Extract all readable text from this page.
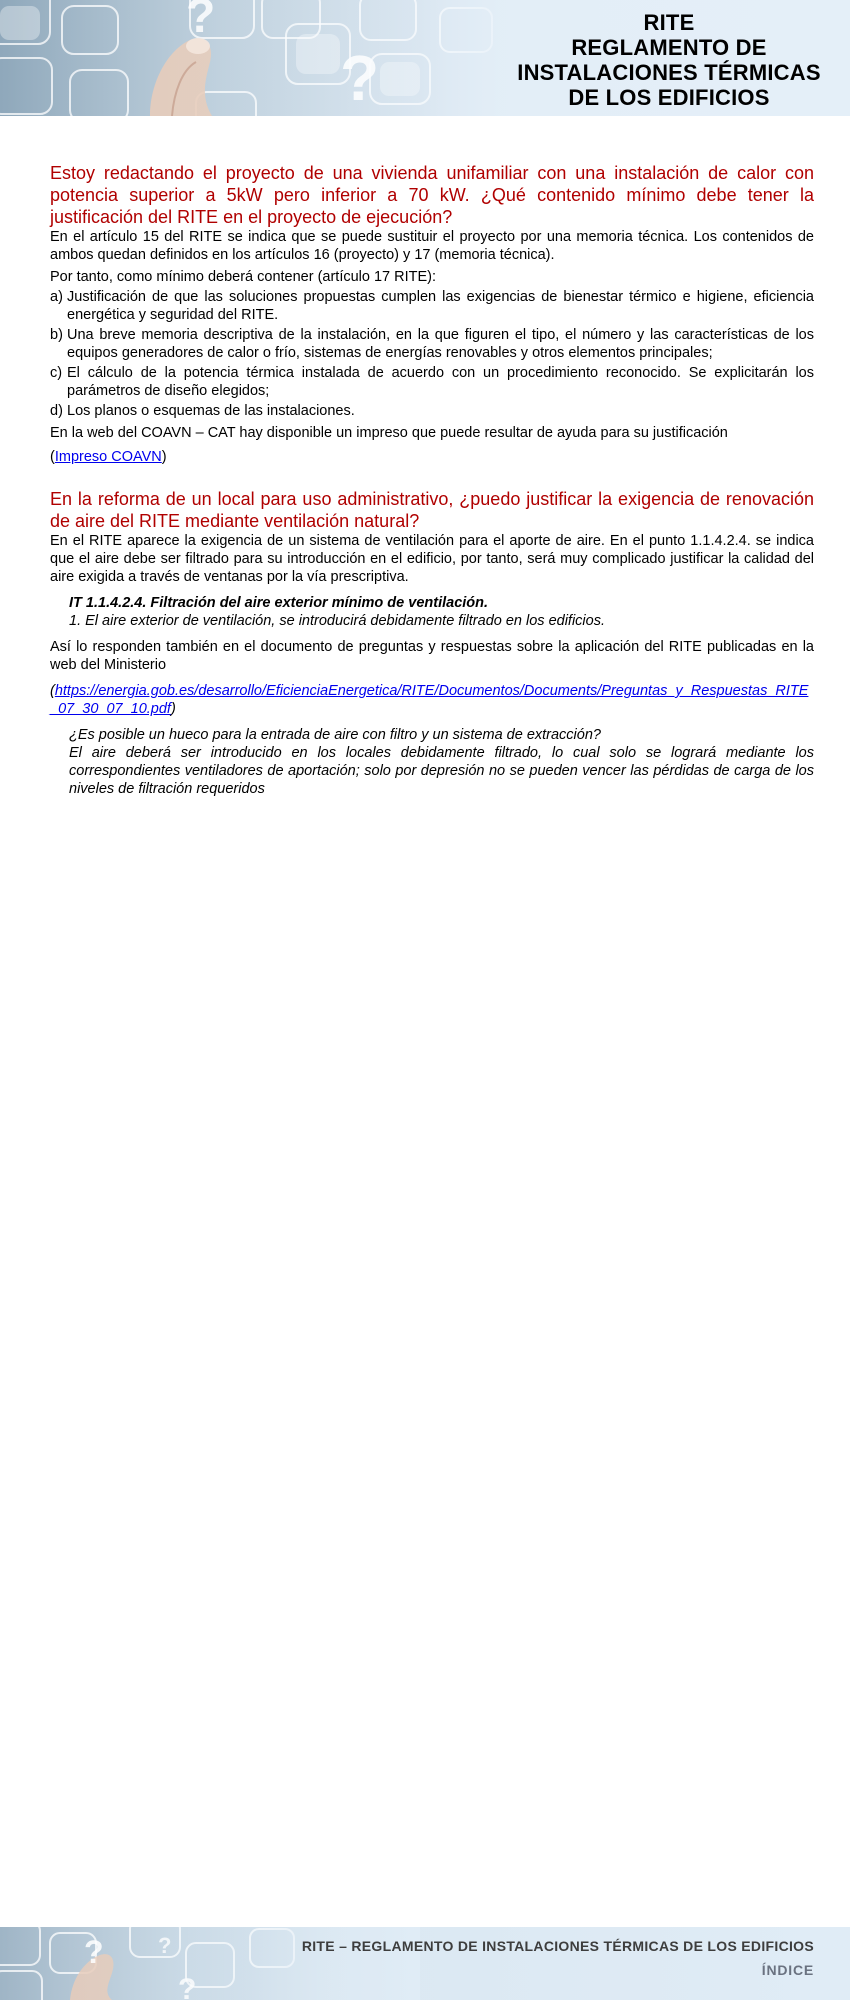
RITE
REGLAMENTO DE
INSTALACIONES TÉRMICAS
DE LOS EDIFICIOS
Estoy redactando el proyecto de una vivienda unifamiliar con una instalación de calor con potencia superior a 5kW pero inferior a 70 kW. ¿Qué contenido mínimo debe tener la justificación del RITE en el proyecto de ejecución?

En el artículo 15 del RITE se indica que se puede sustituir el proyecto por una memoria técnica. Los contenidos de ambos quedan definidos en los artículos 16 (proyecto) y 17 (memoria técnica).

Por tanto, como mínimo deberá contener (artículo 17 RITE):

a) Justificación de que las soluciones propuestas cumplen las exigencias de bienestar térmico e higiene, eficiencia energética y seguridad del RITE.
b) Una breve memoria descriptiva de la instalación, en la que figuren el tipo, el número y las características de los equipos generadores de calor o frío, sistemas de energías renovables y otros elementos principales;
c) El cálculo de la potencia térmica instalada de acuerdo con un procedimiento reconocido. Se explicitarán los parámetros de diseño elegidos;
d) Los planos o esquemas de las instalaciones.

En la web del COAVN – CAT hay disponible un impreso que puede resultar de ayuda para su justificación

(Impreso COAVN)

En la reforma de un local para uso administrativo, ¿puedo justificar la exigencia de renovación de aire del RITE mediante ventilación natural?

En el RITE aparece la exigencia de un sistema de ventilación para el aporte de aire. En el punto 1.1.4.2.4. se indica que el aire debe ser filtrado para su introducción en el edificio, por tanto, será muy complicado justificar la calidad del aire exigida a través de ventanas por la vía prescriptiva.

IT 1.1.4.2.4. Filtración del aire exterior mínimo de ventilación.
1. El aire exterior de ventilación, se introducirá debidamente filtrado en los edificios.

Así lo responden también en el documento de preguntas y respuestas sobre la aplicación del RITE publicadas en la web del Ministerio

(https://energia.gob.es/desarrollo/EficienciaEnergetica/RITE/Documentos/Documents/Preguntas_y_Respuestas_RITE_07_30_07_10.pdf)

¿Es posible un hueco para la entrada de aire con filtro y un sistema de extracción?
El aire deberá ser introducido en los locales debidamente filtrado, lo cual solo se logrará mediante los correspondientes ventiladores de aportación; solo por depresión no se pueden vencer las pérdidas de carga de los niveles de filtración requeridos
RITE – REGLAMENTO DE INSTALACIONES TÉRMICAS DE LOS EDIFICIOS
ÍNDICE
